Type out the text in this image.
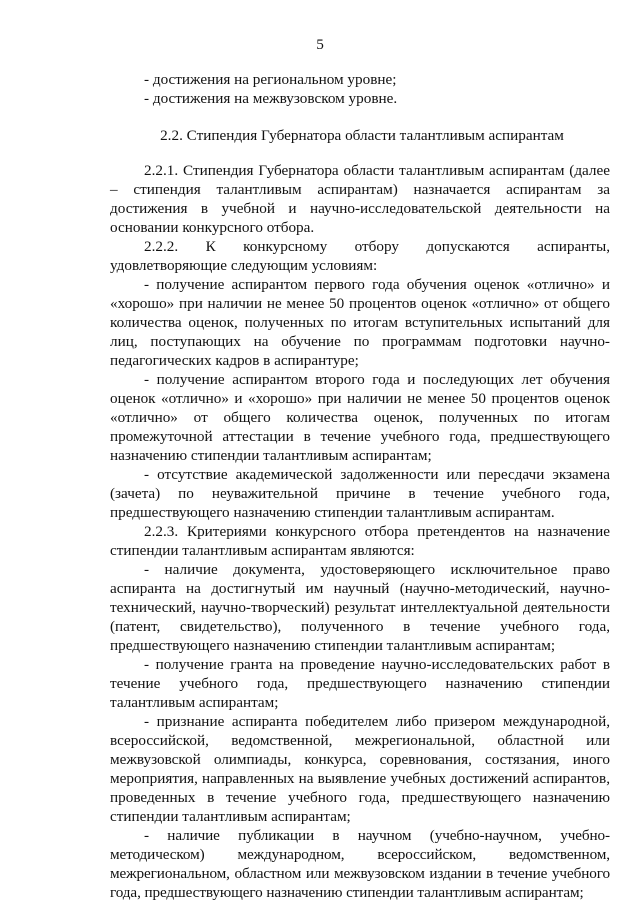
5

- достижения на региональном уровне;

- достижения на межвузовском уровне.

2.2. Стипендия Губернатора области талантливым аспирантам

2.2.1. Стипендия Губернатора области талантливым аспирантам (далее – стипендия талантливым аспирантам) назначается аспирантам за достижения в учебной и научно-исследовательской деятельности на основании конкурсного отбора.

2.2.2. К конкурсному отбору допускаются аспиранты, удовлетворяющие следующим условиям:

- получение аспирантом первого года обучения оценок «отлично» и «хорошо» при наличии не менее 50 процентов оценок «отлично» от общего количества оценок, полученных по итогам вступительных испытаний для лиц, поступающих на обучение по программам подготовки научно-педагогических кадров в аспирантуре;

- получение аспирантом второго года и последующих лет обучения оценок «отлично» и «хорошо» при наличии не менее 50 процентов оценок «отлично» от общего количества оценок, полученных по итогам промежуточной аттестации в течение учебного года, предшествующего назначению стипендии талантливым аспирантам;

- отсутствие академической задолженности или пересдачи экзамена (зачета) по неуважительной причине в течение учебного года, предшествующего назначению стипендии талантливым аспирантам.

2.2.3. Критериями конкурсного отбора претендентов на назначение стипендии талантливым аспирантам являются:

- наличие документа, удостоверяющего исключительное право аспиранта на достигнутый им научный (научно-методический, научно-технический, научно-творческий) результат интеллектуальной деятельности (патент, свидетельство), полученного в течение учебного года, предшествующего назначению стипендии талантливым аспирантам;

- получение гранта на проведение научно-исследовательских работ в течение учебного года, предшествующего назначению стипендии талантливым аспирантам;

- признание аспиранта победителем либо призером международной, всероссийской, ведомственной, межрегиональной, областной или межвузовской олимпиады, конкурса, соревнования, состязания, иного мероприятия, направленных на выявление учебных достижений аспирантов, проведенных в течение учебного года, предшествующего назначению стипендии талантливым аспирантам;

- наличие публикации в научном (учебно-научном, учебно-методическом) международном, всероссийском, ведомственном, межрегиональном, областном или межвузовском издании в течение учебного года, предшествующего назначению стипендии талантливым аспирантам;
